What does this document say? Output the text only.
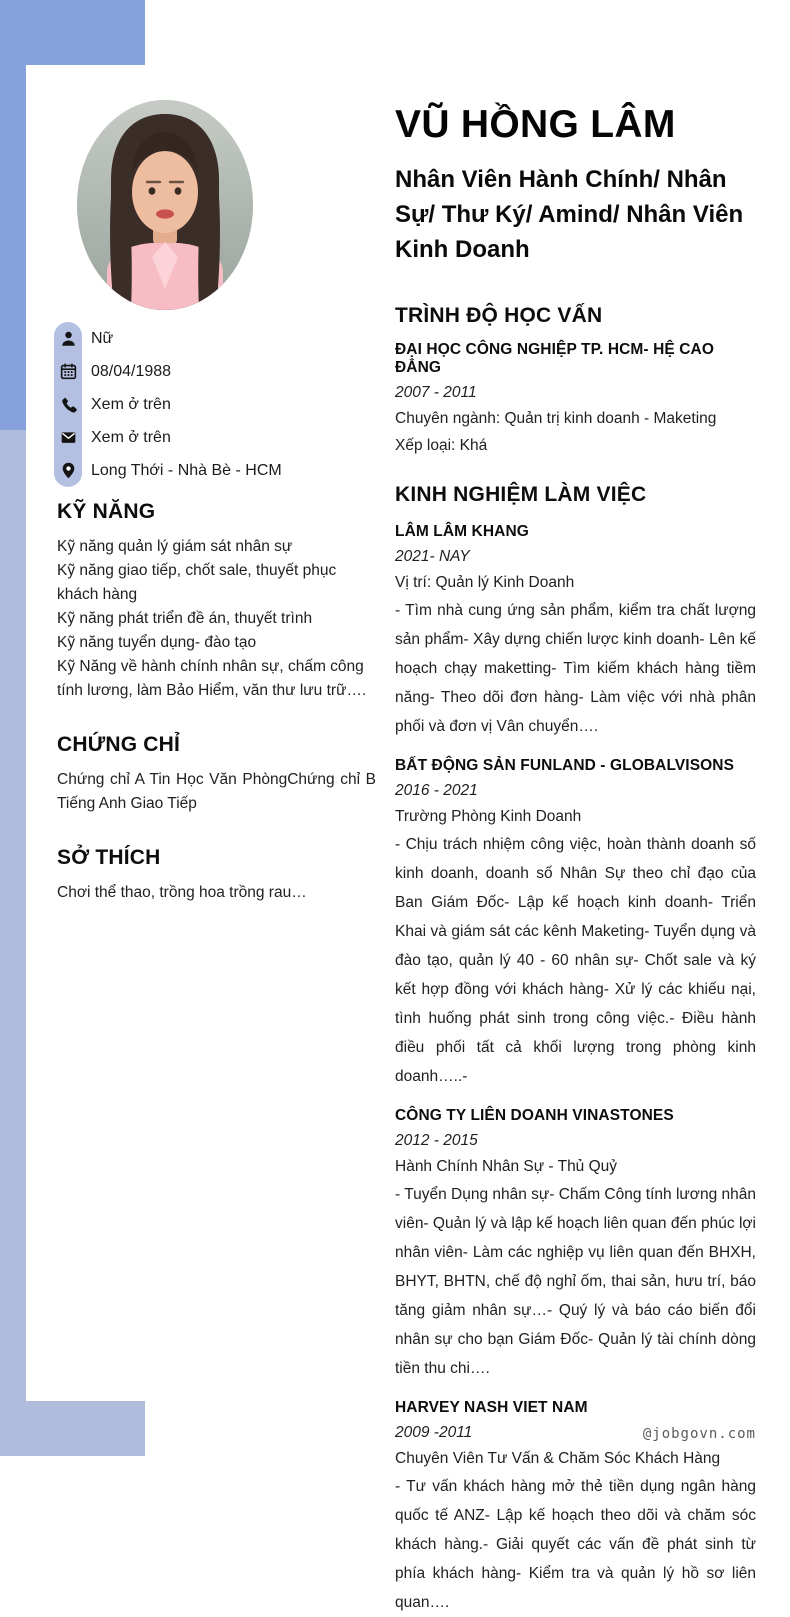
Nữ
08/04/1988
Xem ở trên
Xem ở trên
Long Thới - Nhà Bè - HCM
KỸ NĂNG
Kỹ năng quản lý giám sát nhân sự
Kỹ năng giao tiếp, chốt sale, thuyết phục khách hàng
Kỹ năng phát triển đề án, thuyết trình
Kỹ năng tuyển dụng- đào tạo
Kỹ Năng về hành chính nhân sự, chấm công tính lương, làm Bảo Hiểm, văn thư lưu trữ….
CHỨNG CHỈ

Chứng chỉ A Tin Học Văn PhòngChứng chỉ B Tiếng Anh Giao Tiếp

SỞ THÍCH

Chơi thể thao, trồng hoa trồng rau…

VŨ HỒNG LÂM
Nhân Viên Hành Chính/ Nhân Sự/ Thư Ký/ Amind/ Nhân Viên Kinh Doanh
TRÌNH ĐỘ HỌC VẤN
ĐẠI HỌC CÔNG NGHIỆP TP. HCM- HỆ CAO ĐẲNG
2007 - 2011
Chuyên ngành: Quản trị kinh doanh - Maketing
Xếp loại: Khá
KINH NGHIỆM LÀM VIỆC
LÂM LÂM KHANG
2021- NAY
Vị trí: Quản lý Kinh Doanh

- Tìm nhà cung ứng sản phẩm, kiểm tra chất lượng sản phẩm- Xây dựng chiến lược kinh doanh- Lên kế hoạch chạy maketting- Tìm kiếm khách hàng tiềm năng- Theo dõi đơn hàng- Làm việc với nhà phân phối và đơn vị Vân chuyển….

BẤT ĐỘNG SẢN FUNLAND - GLOBALVISONS
2016 - 2021
Trường Phòng Kinh Doanh

- Chịu trách nhiệm công việc, hoàn thành doanh số kinh doanh, doanh số Nhân Sự theo chỉ đạo của Ban Giám Đốc- Lập kế hoạch kinh doanh- Triển Khai và giám sát các kênh Maketing- Tuyển dụng và đào tạo, quản lý 40 - 60 nhân sự- Chốt sale và ký kết hợp đồng với khách hàng- Xử lý các khiếu nại, tình huống phát sinh trong công việc.- Điều hành điều phối tất cả khối lượng trong phòng kinh doanh…..-

CÔNG TY LIÊN DOANH VINASTONES
2012 - 2015
Hành Chính Nhân Sự - Thủ Quỷ

- Tuyển Dụng nhân sự- Chấm Công tính lương nhân viên- Quản lý và lập kế hoạch liên quan đến phúc lợi nhân viên- Làm các nghiệp vụ liên quan đến BHXH, BHYT, BHTN, chế độ nghỉ ốm, thai sản, hưu trí, báo tăng giảm nhân sự…- Quý lý và báo cáo biến đổi nhân sự cho bạn Giám Đốc- Quản lý tài chính dòng tiền thu chi….

HARVEY NASH VIET NAM
2009 -2011
Chuyên Viên Tư Vấn & Chăm Sóc Khách Hàng

- Tư vấn khách hàng mở thẻ tiền dụng ngân hàng quốc tế ANZ- Lập kế hoạch theo dõi và chăm sóc khách hàng.- Giải quyết các vấn đề phát sinh từ phía khách hàng- Kiểm tra và quản lý hồ sơ liên quan….

@jobgovn.com
